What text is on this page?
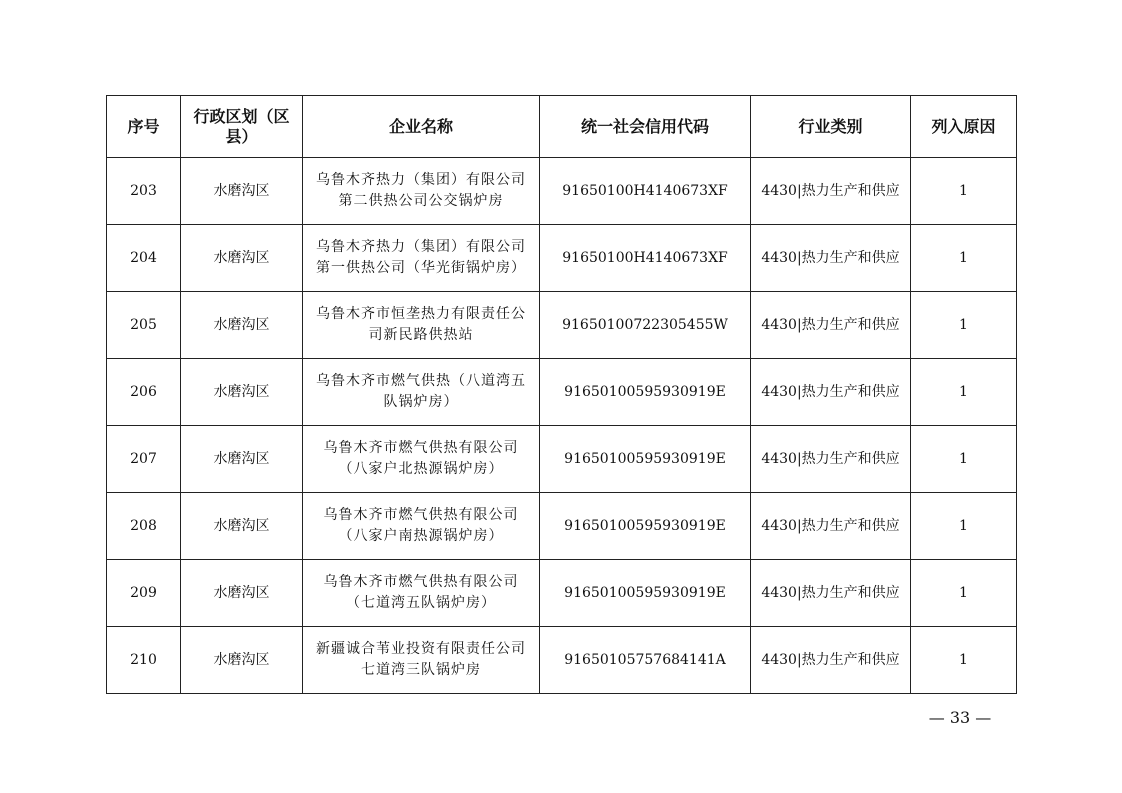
序号	行政区划（区县）	企业名称	统一社会信用代码	行业类别	列入原因
203	水磨沟区	乌鲁木齐热力（集团）有限公司第二供热公司公交锅炉房	91650100H4140673XF	4430|热力生产和供应	1
204	水磨沟区	乌鲁木齐热力（集团）有限公司第一供热公司（华光街锅炉房）	91650100H4140673XF	4430|热力生产和供应	1
205	水磨沟区	乌鲁木齐市恒垄热力有限责任公司新民路供热站	916501007223054​55W	4430|热力生产和供应	1
206	水磨沟区	乌鲁木齐市燃气供热（八道湾五队锅炉房）	91650100595930919E	4430|热力生产和供应	1
207	水磨沟区	乌鲁木齐市燃气供热有限公司（八家户北热源锅炉房）	91650100595930919E	4430|热力生产和供应	1
208	水磨沟区	乌鲁木齐市燃气供热有限公司（八家户南热源锅炉房）	91650100595930919E	4430|热力生产和供应	1
209	水磨沟区	乌鲁木齐市燃气供热有限公司（七道湾五队锅炉房）	91650100595930919E	4430|热力生产和供应	1
210	水磨沟区	新疆诚合苇业投资有限责任公司七道湾三队锅炉房	91650105757684141A	4430|热力生产和供应	1
— 33 —
